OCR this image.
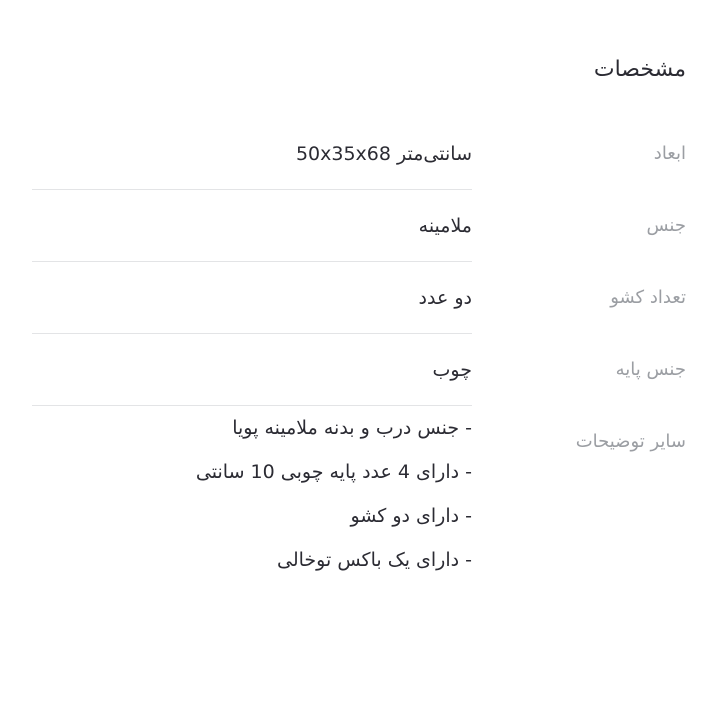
مشخصات
ابعاد
سانتی‌متر 50x35x68
جنس
ملامینه
تعداد کشو
دو عدد
جنس پایه
چوب
سایر توضیحات
- جنس درب و بدنه ملامینه پویا
- دارای 4 عدد پایه چوبی 10 سانتی
- دارای دو کشو
- دارای یک باکس توخالی
